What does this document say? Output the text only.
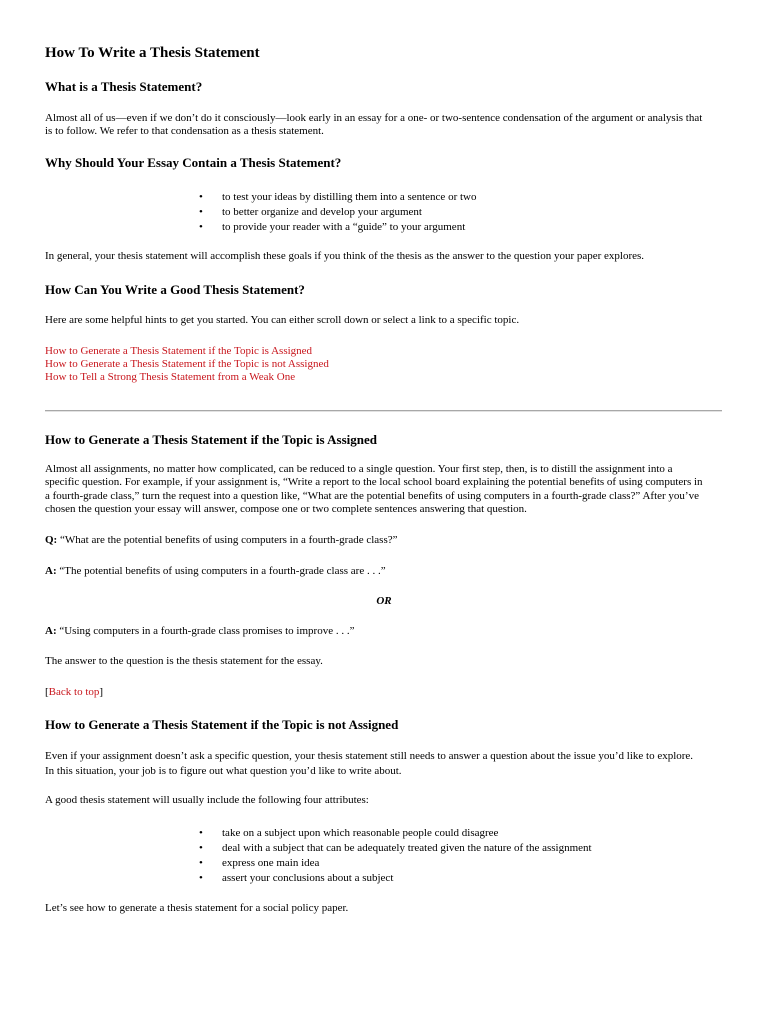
How To Write a Thesis Statement
What is a Thesis Statement?
Almost all of us—even if we don’t do it consciously—look early in an essay for a one- or two-sentence condensation of the argument or analysis that
is to follow. We refer to that condensation as a thesis statement.
Why Should Your Essay Contain a Thesis Statement?
•to test your ideas by distilling them into a sentence or two
•to better organize and develop your argument
•to provide your reader with a “guide” to your argument
In general, your thesis statement will accomplish these goals if you think of the thesis as the answer to the question your paper explores.
How Can You Write a Good Thesis Statement?
Here are some helpful hints to get you started. You can either scroll down or select a link to a specific topic.
How to Generate a Thesis Statement if the Topic is Assigned
How to Generate a Thesis Statement if the Topic is not Assigned
How to Tell a Strong Thesis Statement from a Weak One
How to Generate a Thesis Statement if the Topic is Assigned
Almost all assignments, no matter how complicated, can be reduced to a single question. Your first step, then, is to distill the assignment into a
specific question. For example, if your assignment is, “Write a report to the local school board explaining the potential benefits of using computers in
a fourth-grade class,” turn the request into a question like, “What are the potential benefits of using computers in a fourth-grade class?” After you’ve
chosen the question your essay will answer, compose one or two complete sentences answering that question.
Q: “What are the potential benefits of using computers in a fourth-grade class?”
A: “The potential benefits of using computers in a fourth-grade class are . . .”
OR
A: “Using computers in a fourth-grade class promises to improve . . .”
The answer to the question is the thesis statement for the essay.
[Back to top]
How to Generate a Thesis Statement if the Topic is not Assigned
Even if your assignment doesn’t ask a specific question, your thesis statement still needs to answer a question about the issue you’d like to explore.
In this situation, your job is to figure out what question you’d like to write about.
A good thesis statement will usually include the following four attributes:
•take on a subject upon which reasonable people could disagree
•deal with a subject that can be adequately treated given the nature of the assignment
•express one main idea
•assert your conclusions about a subject
Let’s see how to generate a thesis statement for a social policy paper.
